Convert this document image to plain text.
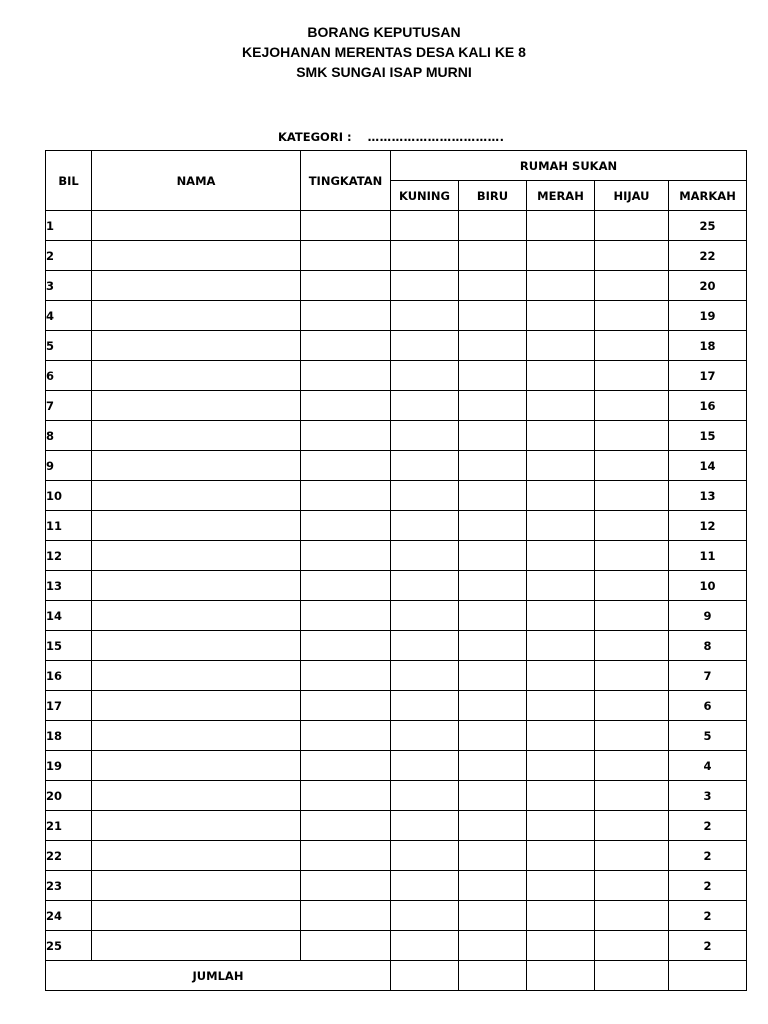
BORANG KEPUTUSAN
KEJOHANAN MERENTAS DESA KALI KE 8
SMK SUNGAI ISAP MURNI
KATEGORI : …………………………….
BIL	NAMA	TINGKATAN	RUMAH SUKAN				
			KUNING	BIRU	MERAH	HIJAU	MARKAH
1							25
2							22
3							20
4							19
5							18
6							17
7							16
8							15
9							14
10							13
11							12
12							11
13							10
14							9
15							8
16							7
17							6
18							5
19							4
20							3
21							2
22							2
23							2
24							2
25							2
JUMLAH							
